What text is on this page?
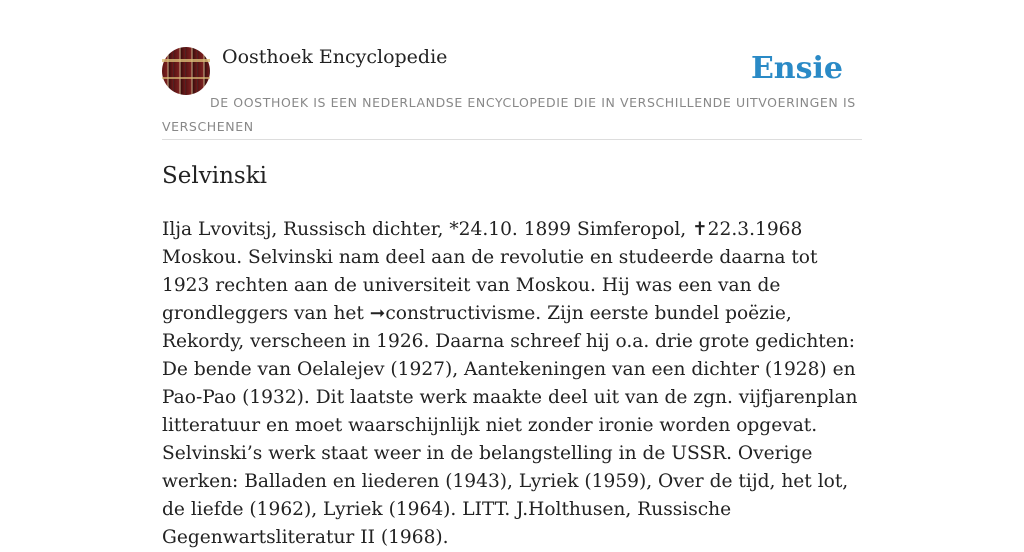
Oosthoek Encyclopedie	Ensie
DE OOSTHOEK IS EEN NEDERLANDSE ENCYCLOPEDIE DIE IN VERSCHILLENDE UITVOERINGEN IS VERSCHENEN
Selvinski

Ilja Lvovitsj, Russisch dichter, *24.10. 1899 Simferopol, ✝22.3.1968 Moskou. Selvinski nam deel aan de revolutie en studeerde daarna tot 1923 rechten aan de universiteit van Moskou. Hij was een van de grondleggers van het ➞constructivisme. Zijn eerste bundel poëzie, Rekordy, verscheen in 1926. Daarna schreef hij o.a. drie grote gedichten: De bende van Oelalejev (1927), Aantekeningen van een dichter (1928) en Pao-Pao (1932). Dit laatste werk maakte deel uit van de zgn. vijfjarenplan litteratuur en moet waarschijnlijk niet zonder ironie worden opgevat. Selvinski’s werk staat weer in de belangstelling in de USSR. Overige werken: Balladen en liederen (1943), Lyriek (1959), Over de tijd, het lot, de liefde (1962), Lyriek (1964). LITT. J.Holthusen, Russische Gegenwartsliteratur II (1968).
